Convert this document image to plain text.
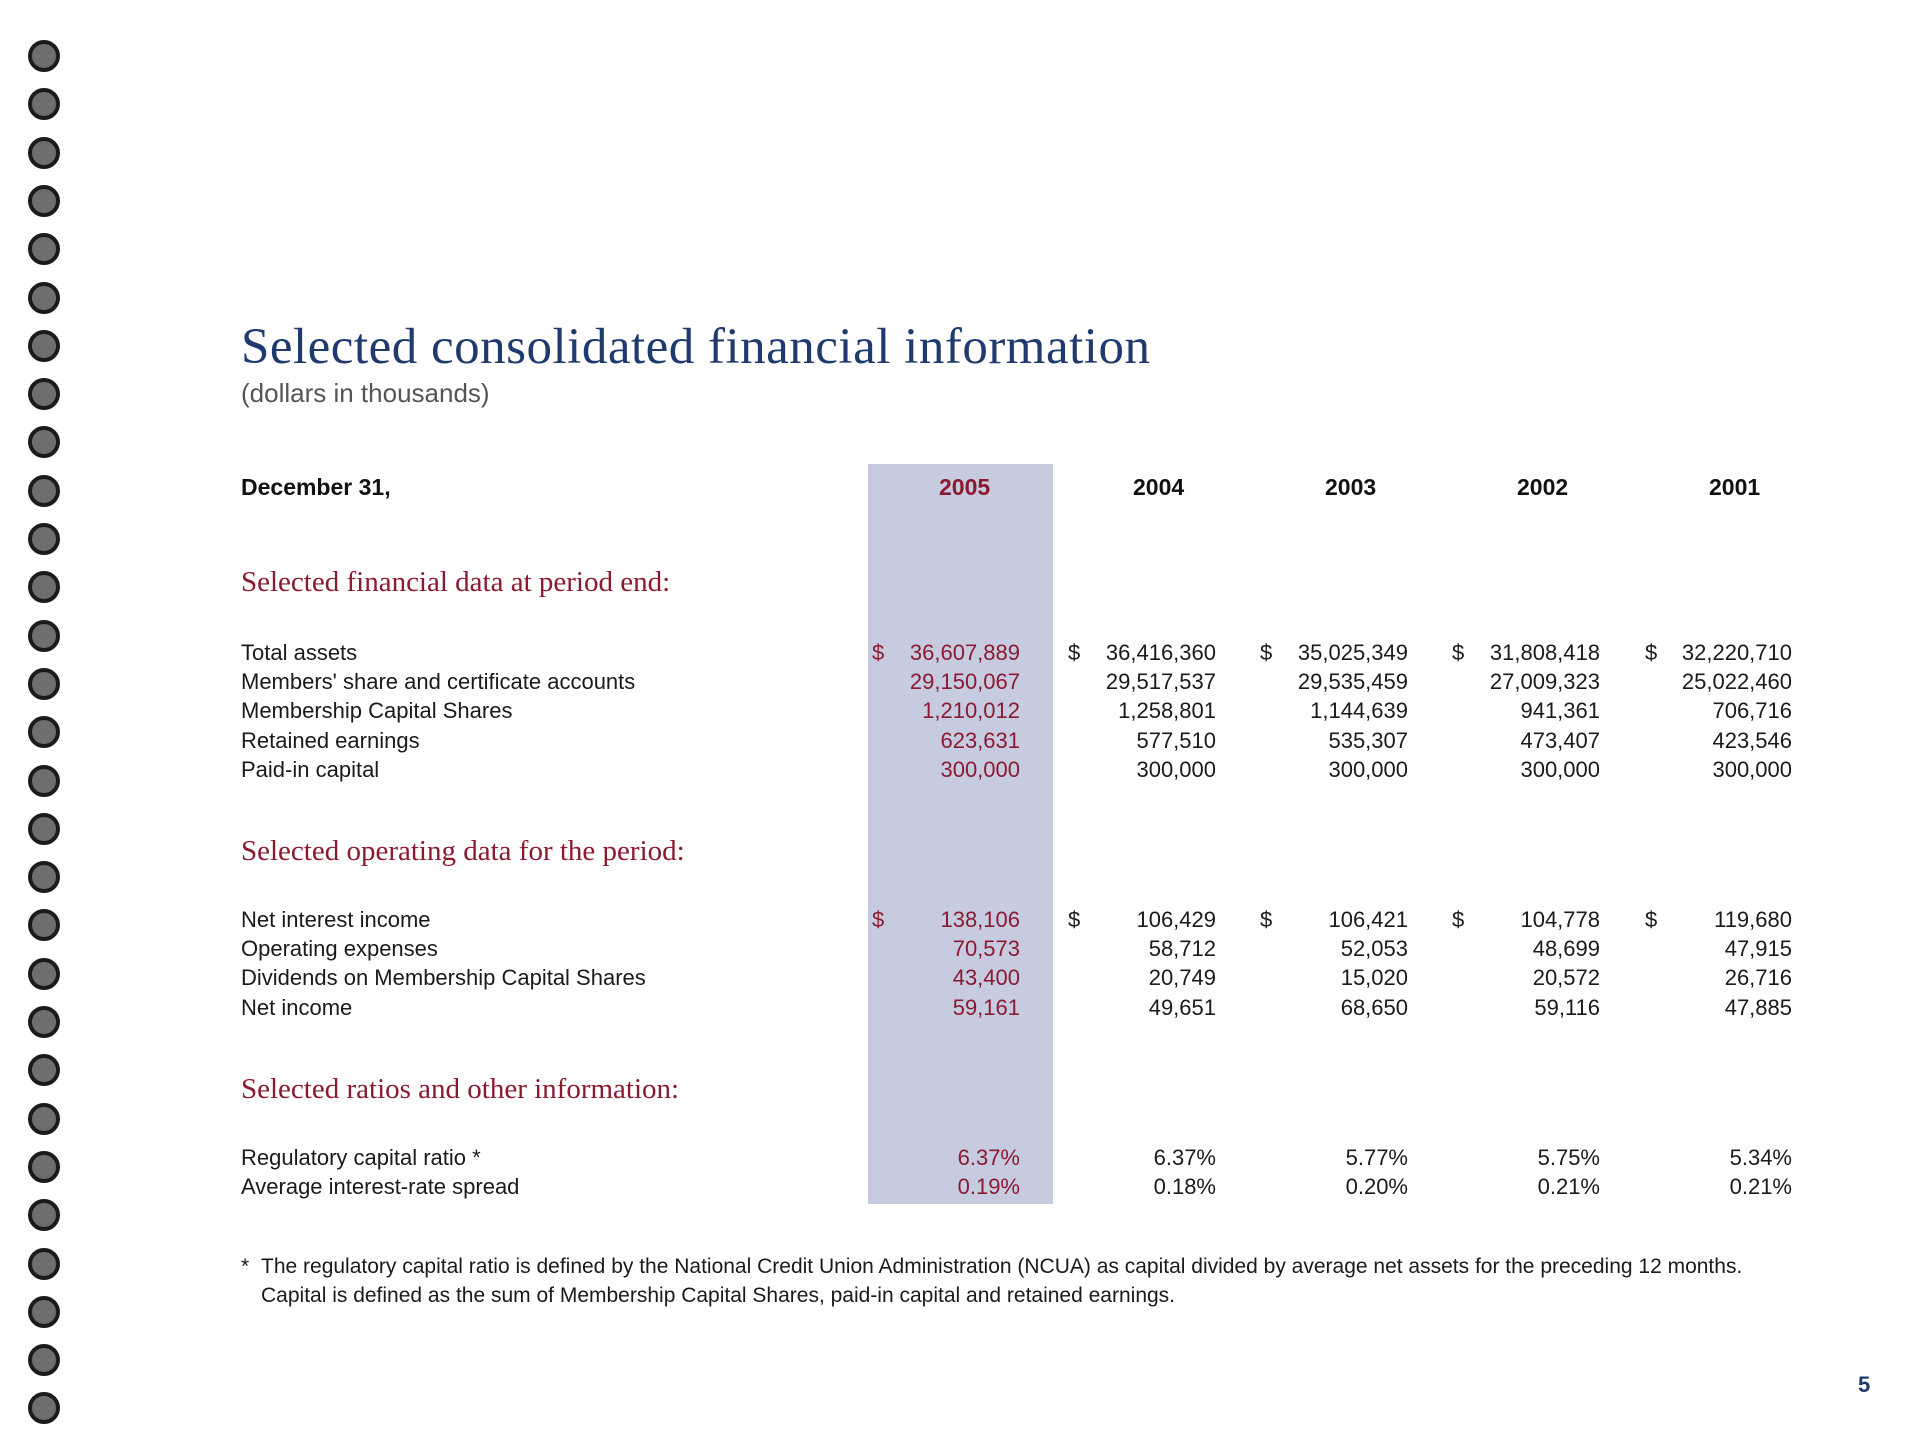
Selected consolidated financial information
(dollars in thousands)
December 31,	2005	2004	2003	2002	2001
Selected financial data at period end:
Total assets	$ 36,607,889 $ 36,416,360 $ 35,025,349 $ 31,808,418 $ 32,220,710
Members' share and certificate accounts	29,150,067	29,517,537	29,535,459	27,009,323	25,022,460
Membership Capital Shares	1,210,012	1,258,801	1,144,639	941,361	706,716
Retained earnings	623,631	577,510	535,307	473,407	423,546
Paid-in capital	300,000	300,000	300,000	300,000	300,000
Selected operating data for the period:
Net interest income	$	138,106 $	106,429 $	106,421 $	104,778 $	119,680
Operating expenses	70,573	58,712	52,053	48,699	47,915
Dividends on Membership Capital Shares	43,400	20,749	15,020	20,572	26,716
Net income	59,161	49,651	68,650	59,116	47,885
Selected ratios and other information:
Regulatory capital ratio *	6.37%	6.37%	5.77%	5.75%	5.34%
Average interest-rate spread	0.19%	0.18%	0.20%	0.21%	0.21%
* The regulatory capital ratio is defined by the National Credit Union Administration (NCUA) as capital divided by average net assets for the preceding 12 months. Capital is defined as the sum of Membership Capital Shares, paid-in capital and retained earnings.
5
